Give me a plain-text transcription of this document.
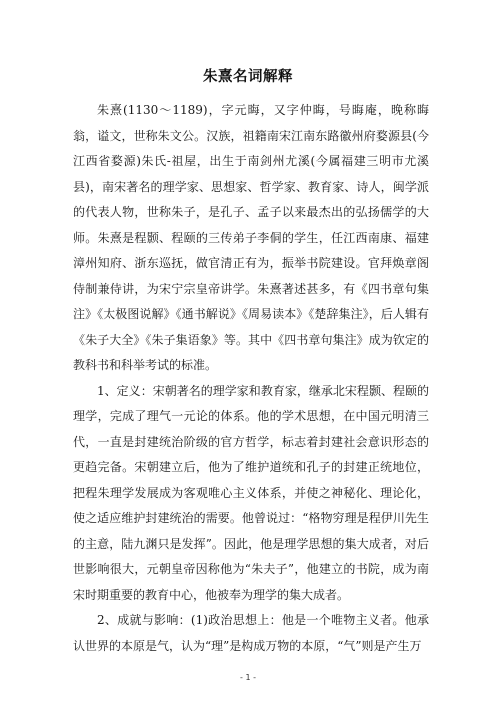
朱熹名词解释

朱熹(1130～1189)，字元晦，又字仲晦，号晦庵，晚称晦翁，谥文，世称朱文公。汉族，祖籍南宋江南东路徽州府婺源县(今江西省婺源)朱氏-祖屋，出生于南剑州尤溪(今属福建三明市尤溪县)，南宋著名的理学家、思想家、哲学家、教育家、诗人，闽学派的代表人物，世称朱子，是孔子、孟子以来最杰出的弘扬儒学的大师。朱熹是程颢、程颐的三传弟子李侗的学生，任江西南康、福建漳州知府、浙东巡抚，做官清正有为，振举书院建设。官拜焕章阁侍制兼侍讲，为宋宁宗皇帝讲学。朱熹著述甚多，有《四书章句集注》《太极图说解》《通书解说》《周易读本》《楚辞集注》，后人辑有《朱子大全》《朱子集语象》等。其中《四书章句集注》成为钦定的教科书和科举考试的标准。

1、定义：宋朝著名的理学家和教育家，继承北宋程颢、程颐的理学，完成了理气一元论的体系。他的学术思想，在中国元明清三代，一直是封建统治阶级的官方哲学，标志着封建社会意识形态的更趋完备。宋朝建立后，他为了维护道统和孔子的封建正统地位，把程朱理学发展成为客观唯心主义体系，并使之神秘化、理论化，使之适应维护封建统治的需要。他曾说过：“格物穷理是程伊川先生的主意，陆九渊只是发挥”。因此，他是理学思想的集大成者，对后世影响很大，元朝皇帝因称他为“朱夫子”，他建立的书院，成为南宋时期重要的教育中心，他被奉为理学的集大成者。

2、成就与影响：(1)政治思想上：他是一个唯物主义者。他承认世界的本原是气，认为“理”是构成万物的本原，“气”则是产生万

- 1 -
